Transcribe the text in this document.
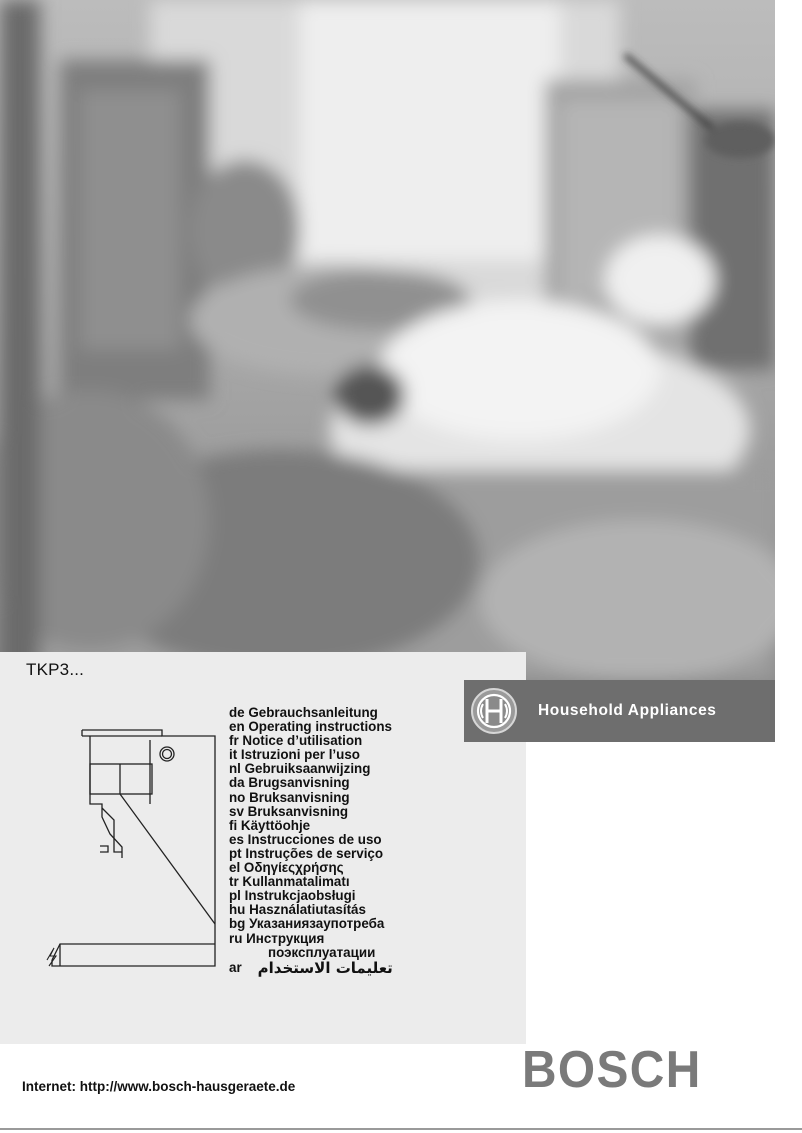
TKP3...
de Gebrauchsanleitung
en Operating instructions
fr Notice d’utilisation
it Istruzioni per l’uso
nl Gebruiksaanwijzing
da Brugsanvisning
no Bruksanvisning
sv Bruksanvisning
fi Käyttöohje
es Instrucciones de uso
pt Instruções de serviço
el Οδηγίεςχρήσης
tr Kullanmatalimatı
pl Instrukcjaobsługi
hu Használatiutasítás
bg Указаниязаупотреба
ru Инструкция
поэксплуатации
ar تعليمات الاستخدام
Household Appliances
Internet: http://www.bosch-hausgeraete.de	BOSCH
